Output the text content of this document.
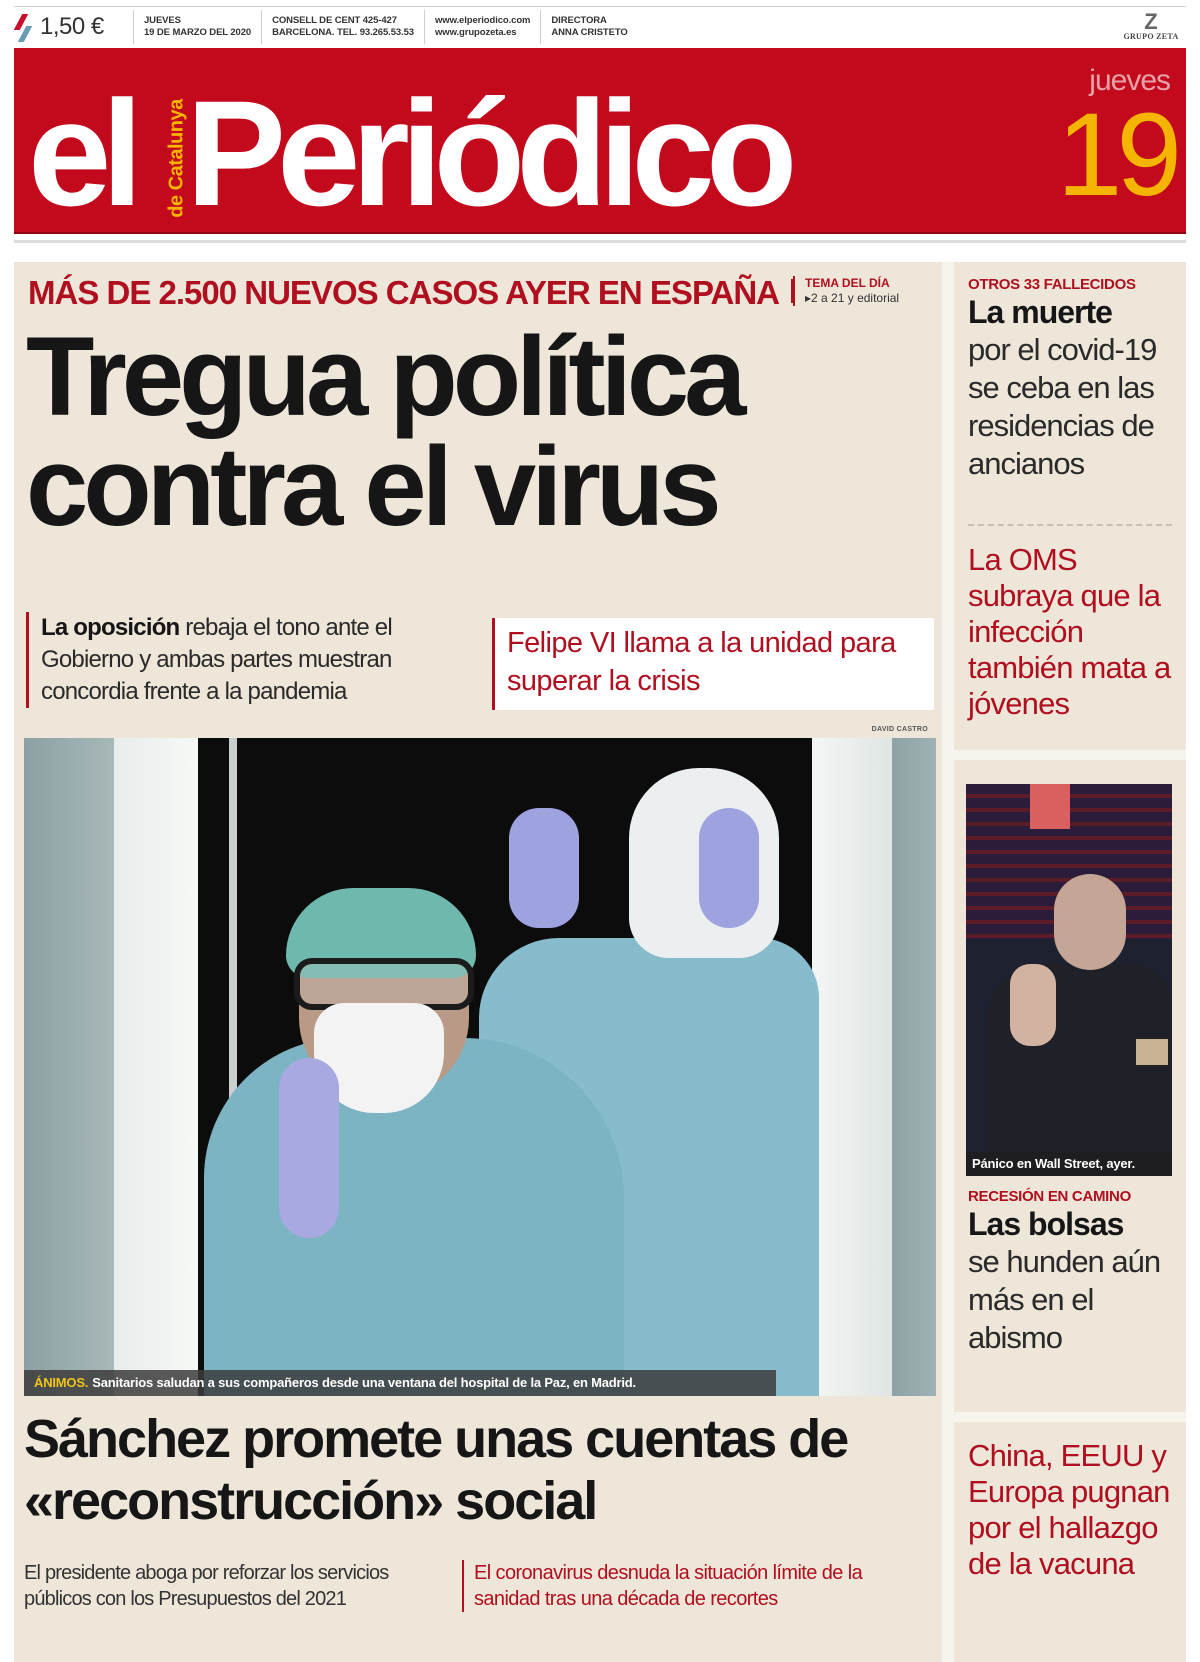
1,50 €	JUEVES
19 DE MARZO DEL 2020
CONSELL DE CENT 425-427
BARCELONA. TEL. 93.265.53.53
www.elperiodico.com
www.grupozeta.es
DIRECTORA
ANNA CRISTETO	Z
GRUPO ZETA
el de Catalunya
Periódico	jueves
19
MÁS DE 2.500 NUEVOS CASOS AYER EN ESPAÑA TEMA DEL DÍA
▸2 a 21 y editorial
Tregua política
contra el virus
La oposición rebaja el tono ante el Gobierno y ambas partes muestran concordia frente a la pandemia
Felipe VI llama a la unidad para superar la crisis
DAVID CASTRO
ÁNIMOS. Sanitarios saludan a sus compañeros desde una ventana del hospital de la Paz, en Madrid.
Sánchez promete unas cuentas de «reconstrucción» social
El presidente aboga por reforzar los servicios públicos con los Presupuestos del 2021
El coronavirus desnuda la situación límite de la sanidad tras una década de recortes
OTROS 33 FALLECIDOS
La muerte
por el covid-19 se ceba en las residencias de ancianos
La OMS subraya que la infección también mata a jóvenes
Pánico en Wall Street, ayer.
RECESIÓN EN CAMINO
Las bolsas
se hunden aún más en el abismo
China, EEUU y Europa pugnan por el hallazgo de la vacuna
